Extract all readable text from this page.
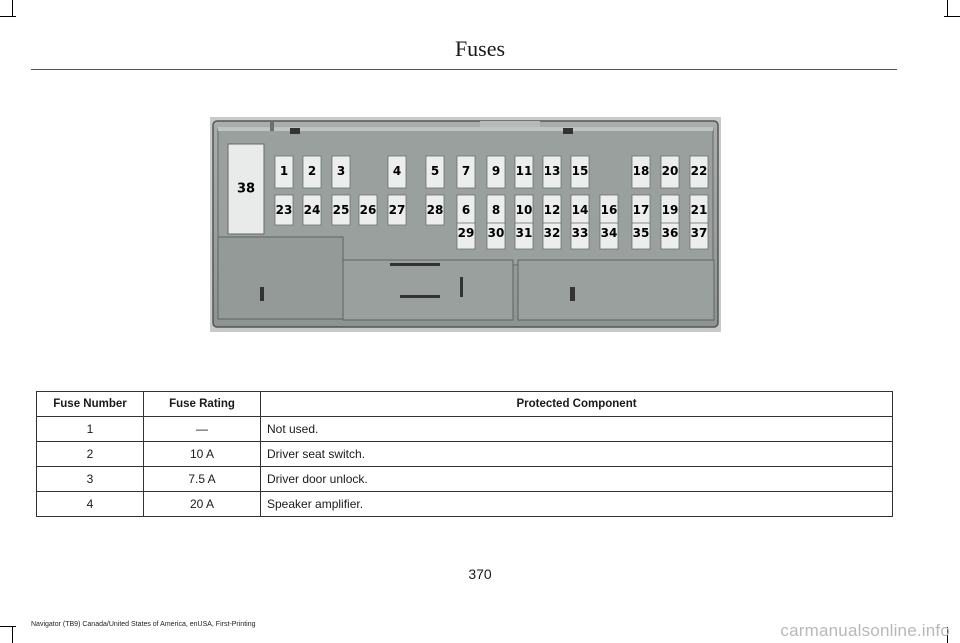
Fuses
38
1 2 3	4 5 7 9 11 13 15	18 20 22
23 24 25 26 27 28 6 8 10 12 14 16 17 19 21
29 30 31 32 33 34 35 36 37
Fuse Number	Fuse Rating	Protected Component
1	—	Not used.
2	10 A	Driver seat switch.
3	7.5 A	Driver door unlock.
4	20 A	Speaker amplifier.
370
Navigator (TB9) Canada/United States of America, enUSA, First-Printing	carmanualsonline.info
